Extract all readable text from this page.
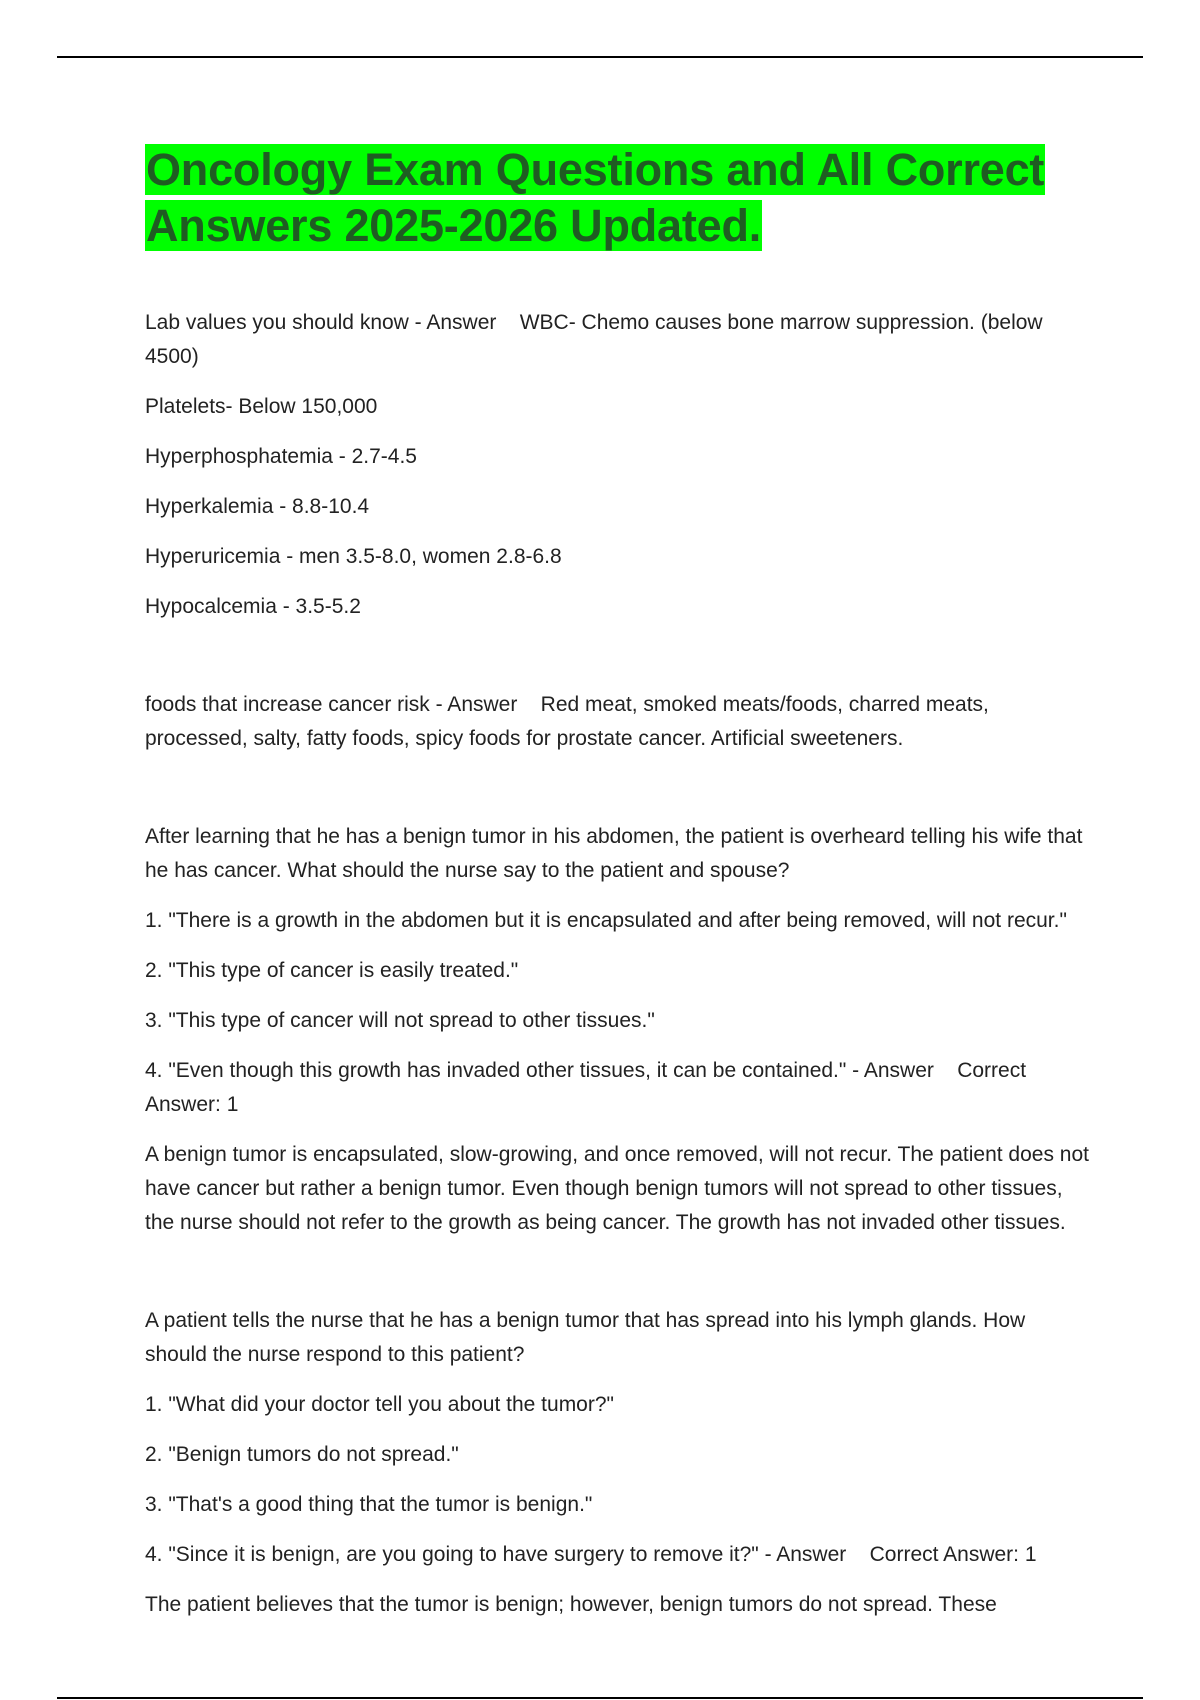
Oncology Exam Questions and All Correct Answers 2025-2026 Updated.

Lab values you should know - Answer    WBC- Chemo causes bone marrow suppression. (below 4500)

Platelets- Below 150,000

Hyperphosphatemia - 2.7-4.5

Hyperkalemia - 8.8-10.4

Hyperuricemia - men 3.5-8.0, women 2.8-6.8

Hypocalcemia - 3.5-5.2

foods that increase cancer risk - Answer    Red meat, smoked meats/foods, charred meats, processed, salty, fatty foods, spicy foods for prostate cancer. Artificial sweeteners.

After learning that he has a benign tumor in his abdomen, the patient is overheard telling his wife that he has cancer. What should the nurse say to the patient and spouse?

1. "There is a growth in the abdomen but it is encapsulated and after being removed, will not recur."

2. "This type of cancer is easily treated."

3. "This type of cancer will not spread to other tissues."

4. "Even though this growth has invaded other tissues, it can be contained." - Answer    Correct Answer: 1

A benign tumor is encapsulated, slow-growing, and once removed, will not recur. The patient does not have cancer but rather a benign tumor. Even though benign tumors will not spread to other tissues, the nurse should not refer to the growth as being cancer. The growth has not invaded other tissues.

A patient tells the nurse that he has a benign tumor that has spread into his lymph glands. How should the nurse respond to this patient?

1. "What did your doctor tell you about the tumor?"

2. "Benign tumors do not spread."

3. "That's a good thing that the tumor is benign."

4. "Since it is benign, are you going to have surgery to remove it?" - Answer    Correct Answer: 1

The patient believes that the tumor is benign; however, benign tumors do not spread. These
